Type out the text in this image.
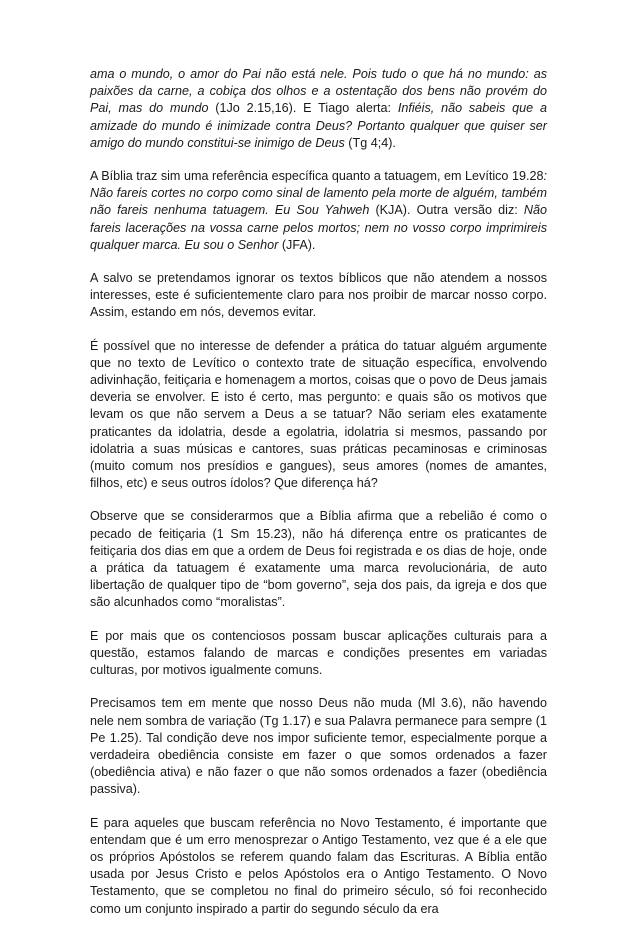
ama o mundo, o amor do Pai não está nele. Pois tudo o que há no mundo: as paixões da carne, a cobiça dos olhos e a ostentação dos bens não provém do Pai, mas do mundo (1Jo 2.15,16). E Tiago alerta: Infiéis, não sabeis que a amizade do mundo é inimizade contra Deus? Portanto qualquer que quiser ser amigo do mundo constitui-se inimigo de Deus (Tg 4;4).

A Bíblia traz sim uma referência específica quanto a tatuagem, em Levítico 19.28: Não fareis cortes no corpo como sinal de lamento pela morte de alguém, também não fareis nenhuma tatuagem. Eu Sou Yahweh (KJA). Outra versão diz: Não fareis lacerações na vossa carne pelos mortos; nem no vosso corpo imprimireis qualquer marca. Eu sou o Senhor (JFA).

A salvo se pretendamos ignorar os textos bíblicos que não atendem a nossos interesses, este é suficientemente claro para nos proibir de marcar nosso corpo. Assim, estando em nós, devemos evitar.

É possível que no interesse de defender a prática do tatuar alguém argumente que no texto de Levítico o contexto trate de situação específica, envolvendo adivinhação, feitiçaria e homenagem a mortos, coisas que o povo de Deus jamais deveria se envolver. E isto é certo, mas pergunto: e quais são os motivos que levam os que não servem a Deus a se tatuar? Não seriam eles exatamente praticantes da idolatria, desde a egolatria, idolatria si mesmos, passando por idolatria a suas músicas e cantores, suas práticas pecaminosas e criminosas (muito comum nos presídios e gangues), seus amores (nomes de amantes, filhos, etc) e seus outros ídolos? Que diferença há?

Observe que se considerarmos que a Bíblia afirma que a rebelião é como o pecado de feitiçaria (1 Sm 15.23), não há diferença entre os praticantes de feitiçaria dos dias em que a ordem de Deus foi registrada e os dias de hoje, onde a prática da tatuagem é exatamente uma marca revolucionária, de auto libertação de qualquer tipo de “bom governo”, seja dos pais, da igreja e dos que são alcunhados como “moralistas”.

E por mais que os contenciosos possam buscar aplicações culturais para a questão, estamos falando de marcas e condições presentes em variadas culturas, por motivos igualmente comuns.

Precisamos tem em mente que nosso Deus não muda (Ml 3.6), não havendo nele nem sombra de variação (Tg 1.17) e sua Palavra permanece para sempre (1 Pe 1.25). Tal condição deve nos impor suficiente temor, especialmente porque a verdadeira obediência consiste em fazer o que somos ordenados a fazer (obediência ativa) e não fazer o que não somos ordenados a fazer (obediência passiva).

E para aqueles que buscam referência no Novo Testamento, é importante que entendam que é um erro menosprezar o Antigo Testamento, vez que é a ele que os próprios Apóstolos se referem quando falam das Escrituras. A Bíblia então usada por Jesus Cristo e pelos Apóstolos era o Antigo Testamento. O Novo Testamento, que se completou no final do primeiro século, só foi reconhecido como um conjunto inspirado a partir do segundo século da era
